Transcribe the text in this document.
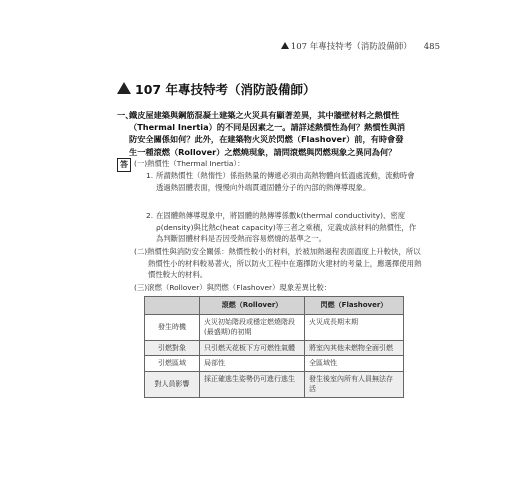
107 年專技特考（消防設備師） 485
107 年專技特考（消防設備師）
一、
鐵皮屋建築與鋼筋混凝土建築之火災具有顯著差異，其中牆壁材料之熱慣性（Thermal Inertia）的不同是因素之一。請詳述熱慣性為何？熱慣性與消防安全關係如何？此外，在建築物火災於閃燃（Flashover）前，有時會發生一種滾燃（Rollover）之燃燒現象，請問滾燃與閃燃現象之異同為何？
答 (一)熱慣性（Thermal Inertia）：
1. 所謂熱慣性（熱惰性）係指熱量的傳遞必須由高熱物體向低溫處流動，流動時會透過熱固體表面，慢慢向外端貫通固體分子的內部的熱傳導現象。
2. 在固體熱傳導現象中，將固體的熱傳導係數k(thermal conductivity)、密度ρ(density)與比熱c(heat capacity)等三者之乘積，定義成該材料的熱慣性，作為判斷固體材料是否因受熱而容易燃燒的基準之一。
(二)熱慣性與消防安全關係：熱慣性較小的材料，於被加熱過程表面溫度上升較快，所以熱慣性小的材料較易著火，所以防火工程中在選擇防火建材的考量上，應選擇使用熱慣性較大的材料。
(三)滾燃（Rollover）與閃燃（Flashover）現象差異比較：
	滾燃（Rollover）	閃燃（Flashover）
發生時機	火災初始階段或穩定燃燒階段(最盛期)的初期	火災成長期末期
引燃對象	只引燃天花板下方可燃性氣體	將室內其他未燃物全面引燃
引燃區域	局部性	全區域性
對人員影響	採正確逃生姿勢仍可進行逃生	發生後室內所有人員無法存活
